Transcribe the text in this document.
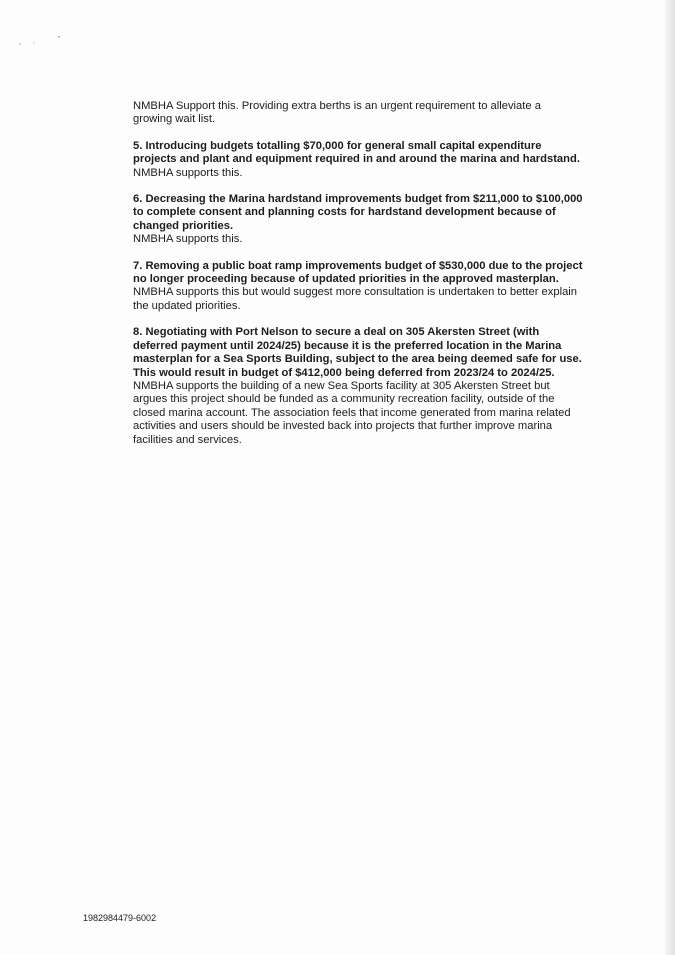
NMBHA Support this. Providing extra berths is an urgent requirement to alleviate a growing wait list.

5. Introducing budgets totalling $70,000 for general small capital expenditure projects and plant and equipment required in and around the marina and hardstand.

NMBHA supports this.

6. Decreasing the Marina hardstand improvements budget from $211,000 to $100,000 to complete consent and planning costs for hardstand development because of changed priorities.

NMBHA supports this.

7. Removing a public boat ramp improvements budget of $530,000 due to the project no longer proceeding because of updated priorities in the approved masterplan.

NMBHA supports this but would suggest more consultation is undertaken to better explain the updated priorities.

8. Negotiating with Port Nelson to secure a deal on 305 Akersten Street (with deferred payment until 2024/25) because it is the preferred location in the Marina masterplan for a Sea Sports Building, subject to the area being deemed safe for use. This would result in budget of $412,000 being deferred from 2023/24 to 2024/25.

NMBHA supports the building of a new Sea Sports facility at 305 Akersten Street but argues this project should be funded as a community recreation facility, outside of the closed marina account. The association feels that income generated from marina related activities and users should be invested back into projects that further improve marina facilities and services.

1982984479-6002
